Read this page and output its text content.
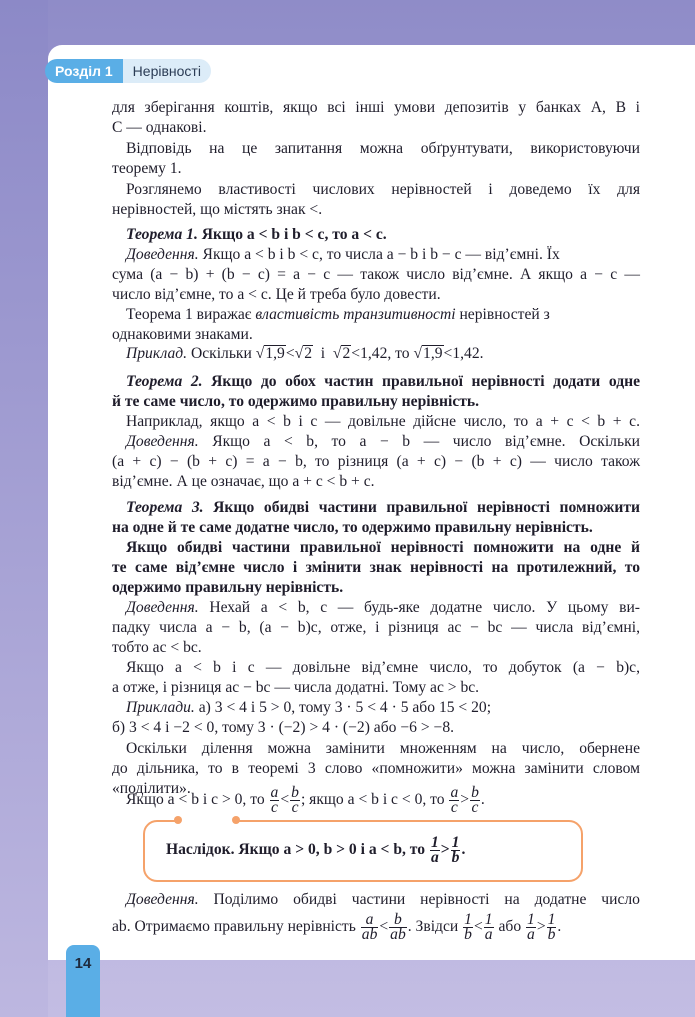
Розділ 1	Нерівності
для зберігання коштів, якщо всі інші умови депозитів у банках A, B і
C — однакові.
Відповідь на це запитання можна обґрунтувати, використовуючи
теорему 1.
Розглянемо властивості числових нерівностей і доведемо їх для
нерівностей, що містять знак <.
Теорема 1. Якщо a < b і b < c, то a < c.
Доведення. Якщо a < b і b < c, то числа a − b і b − c — від’ємні. Їх
сума (a − b) + (b − c) = a − c — також число від’ємне. А якщо a − c —
число від’ємне, то a < c. Це й треба було довести.
Теорема 1 виражає властивість транзитивності нерівностей з
однаковими знаками.
Приклад. Оскільки √1,9<√2 і  √2<1,42, то √1,9<1,42.
Теорема 2. Якщо до обох частин правильної нерівності додати одне
й те саме число, то одержимо правильну нерівність.
Наприклад, якщо a < b і c — довільне дійсне число, то a + c < b + c.
Доведення. Якщо a < b, то a − b — число від’ємне. Оскільки
(a + c) − (b + c) = a − b, то різниця (a + c) − (b + c) — число також
від’ємне. А це означає, що a + c < b + c.
Теорема 3. Якщо обидві частини правильної нерівності помножити
на одне й те саме додатне число, то одержимо правильну нерівність.
Якщо обидві частини правильної нерівності помножити на одне й
те саме від’ємне число і змінити знак нерівності на протилежний, то
одержимо правильну нерівність.
Доведення. Нехай a < b, c — будь-яке додатне число. У цьому ви-
падку числа a − b, (a − b)c, отже, і різниця ac − bc — числа від’ємні,
тобто ac < bc.
Якщо a < b і c — довільне від’ємне число, то добуток (a − b)c,
а отже, і різниця ac − bc — числа додатні. Тому ac > bc.
Приклади. а) 3 < 4 і 5 > 0, тому 3 · 5 < 4 · 5 або 15 < 20;
б) 3 < 4 і −2 < 0, тому 3 · (−2) > 4 · (−2) або −6 > −8.
Оскільки ділення можна замінити множенням на число, обернене
до дільника, то в теоремі 3 слово «помножити» можна замінити словом
«поділити».
Якщо a < b і c > 0, то $\frac{a}{c} < \frac{b}{c}$ ; якщо a < b і c < 0, то $\frac{a}{c} > \frac{b}{c}$ .
Наслідок. Якщо a > 0, b > 0 і a < b, то $\frac{1}{a} > \frac{1}{b}$ .
Доведення. Поділимо обидві частини нерівності на додатне число
ab. Отримаємо правильну нерівність $\frac{a}{ab} < \frac{b}{ab}$ . Звідси $\frac{1}{b} < \frac{1}{a}$ або $\frac{1}{a} > \frac{1}{b}$ .
14
